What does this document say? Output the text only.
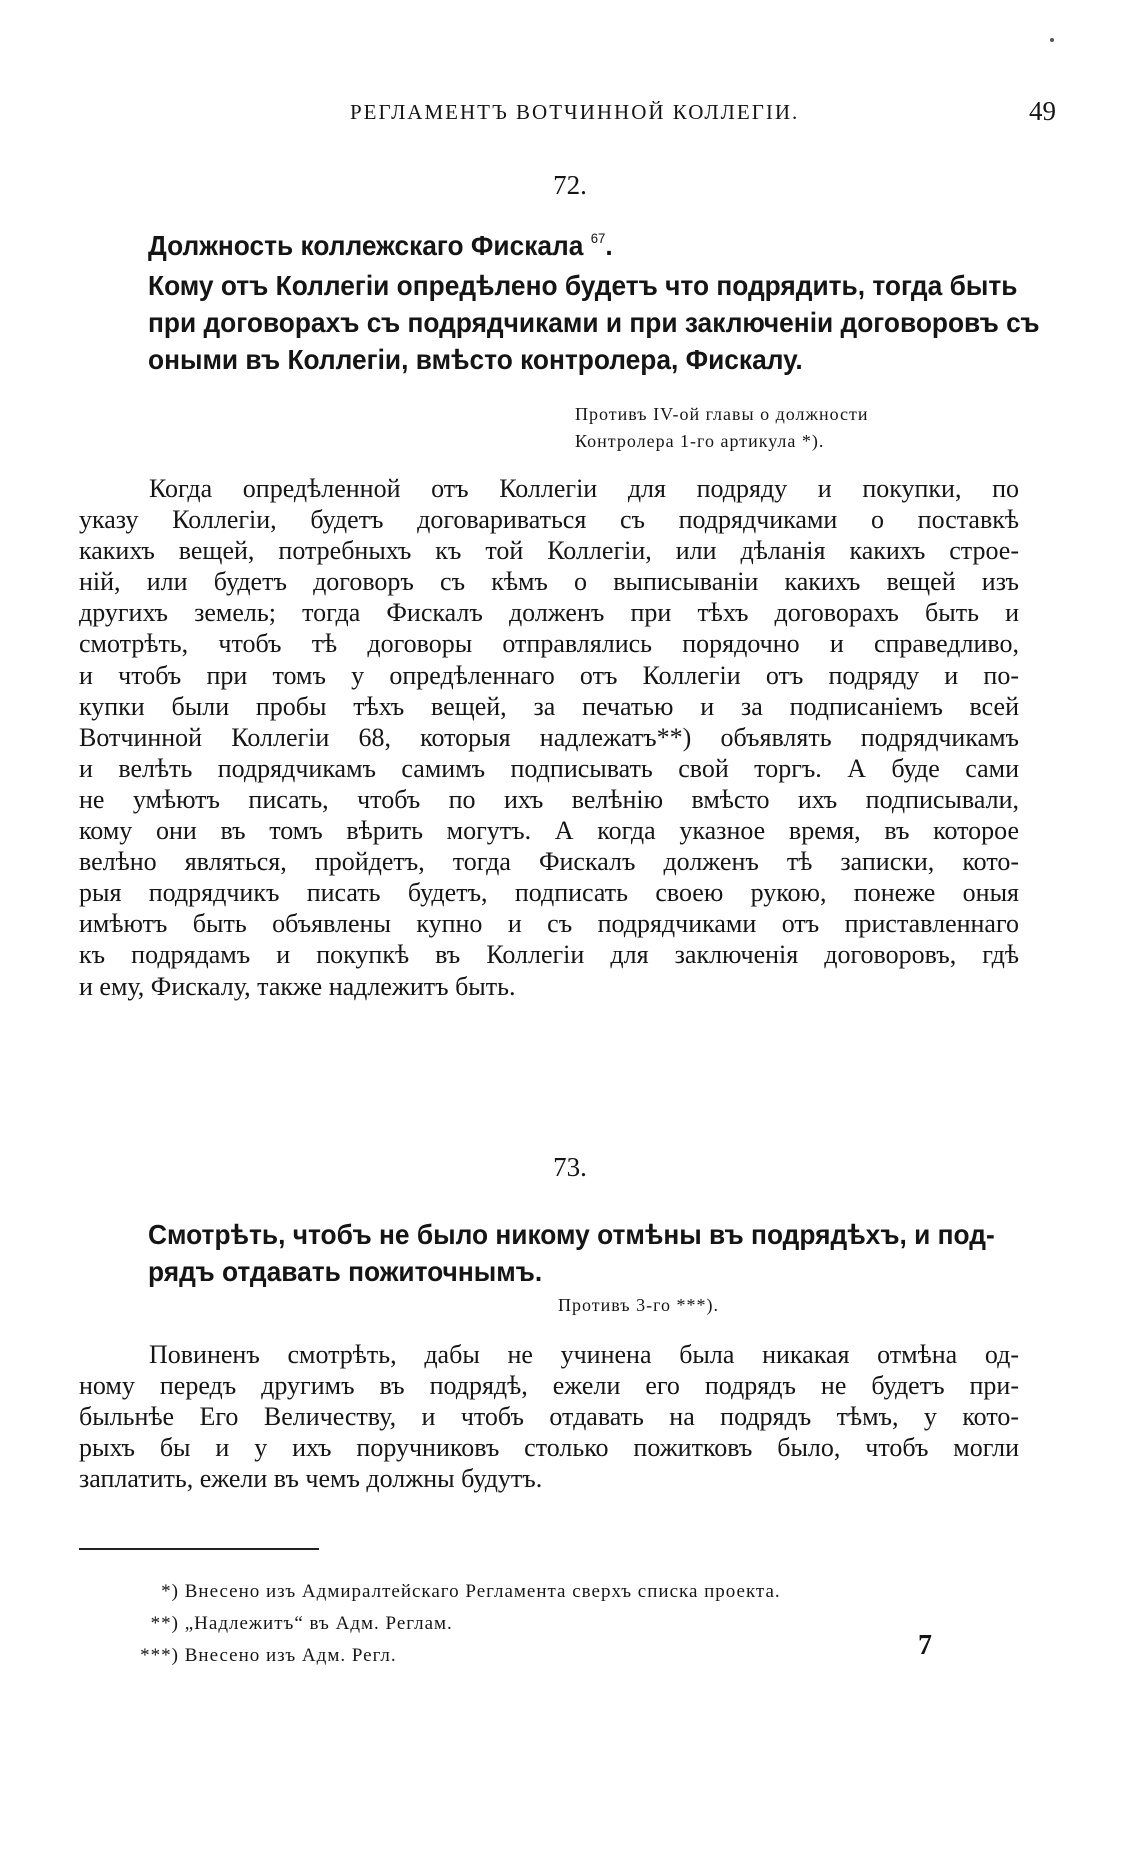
РЕГЛАМЕНТЪ ВОТЧИННОЙ КОЛЛЕГІИ.	49
72.
Должность коллежскаго Фискала $^{67}$.
Кому отъ Коллегіи опредѣлено будетъ что подрядить, тогда быть
при договорахъ съ подрядчиками и при заключеніи договоровъ съ
оными въ Коллегіи, вмѣсто контролера, Фискалу.
Противъ IV-ой главы о должности
Контролера 1-го артикула *).
Когда опредѣленной отъ Коллегіи для подряду и покупки, по
указу Коллегіи, будетъ договариваться съ подрядчиками о поставкѣ
какихъ вещей, потребныхъ къ той Коллегіи, или дѣланія какихъ строе-
ній, или будетъ договоръ съ кѣмъ о выписываніи какихъ вещей изъ
другихъ земель; тогда Фискалъ долженъ при тѣхъ договорахъ быть и
смотрѣть, чтобъ тѣ договоры отправлялись порядочно и справедливо,
и чтобъ при томъ у опредѣленнаго отъ Коллегіи отъ подряду и по-
купки были пробы тѣхъ вещей, за печатью и за подписаніемъ всей
Вотчинной Коллегіи 68, которыя надлежатъ**) объявлять подрядчикамъ
и велѣть подрядчикамъ самимъ подписывать свой торгъ. А буде сами
не умѣютъ писать, чтобъ по ихъ велѣнію вмѣсто ихъ подписывали,
кому они въ томъ вѣрить могутъ. А когда указное время, въ которое
велѣно являться, пройдетъ, тогда Фискалъ долженъ тѣ записки, кото-
рыя подрядчикъ писать будетъ, подписать своею рукою, понеже оныя
имѣютъ быть объявлены купно и съ подрядчиками отъ приставленнаго
къ подрядамъ и покупкѣ въ Коллегіи для заключенія договоровъ, гдѣ
и ему, Фискалу, также надлежитъ быть.
73.
Смотрѣть, чтобъ не было никому отмѣны въ подрядѣхъ, и под-
рядъ отдавать пожиточнымъ.
Противъ 3-го ***).
Повиненъ смотрѣть, дабы не учинена была никакая отмѣна од-
ному передъ другимъ въ подрядѣ, ежели его подрядъ не будетъ при-
быльнѣе Его Величеству, и чтобъ отдавать на подрядъ тѣмъ, у кото-
рыхъ бы и у ихъ поручниковъ столько пожитковъ было, чтобъ могли
заплатить, ежели въ чемъ должны будутъ.
*) Внесено изъ Адмиралтейскаго Регламента сверхъ списка проекта.
**) „Надлежитъ“ въ Адм. Реглам.
***) Внесено изъ Адм. Регл.	7
